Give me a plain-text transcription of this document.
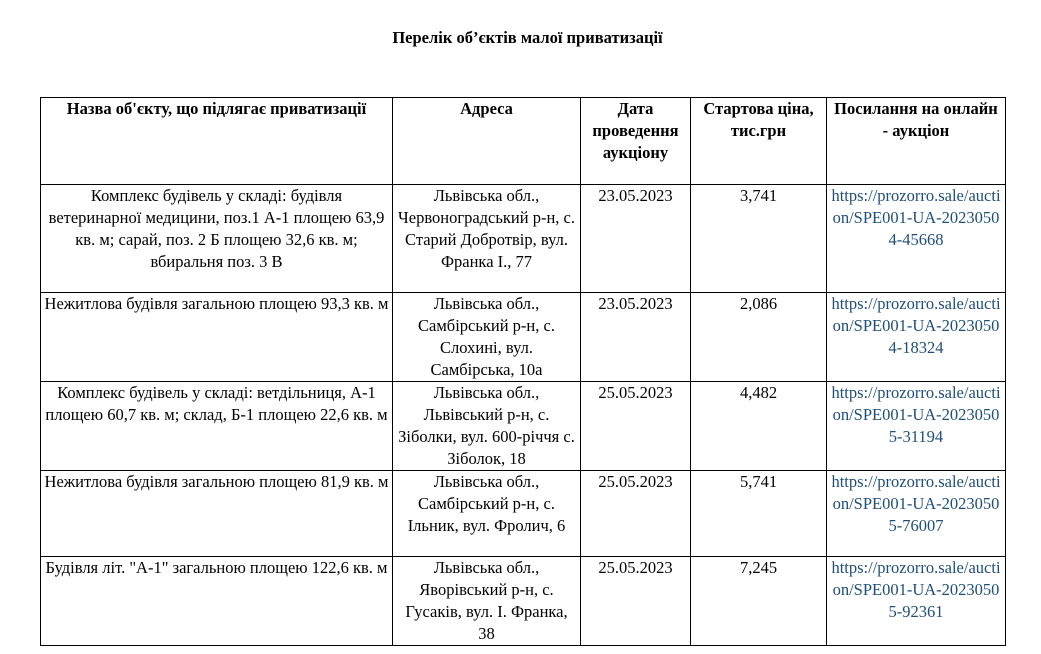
Перелік об’єктів малої приватизації
Назва об'єкту, що підлягає приватизації	Адреса	Дата проведення аукціону	Стартова ціна, тис.грн	Посилання на онлайн - аукціон
Комплекс будівель у складі: будівля ветеринарної медицини, поз.1 А-1 площею 63,9 кв. м; сарай, поз. 2 Б площею 32,6 кв. м; вбиральня поз. 3 В	Львівська обл., Червоноградський р-н, с. Старий Добротвір, вул. Франка І., 77	23.05.2023	3,741	https://prozorro.sale/auction/SPE001-UA-20230504-45668
Нежитлова будівля загальною площею 93,3 кв. м	Львівська обл., Самбірський р-н, с. Слохині, вул. Самбірська, 10а	23.05.2023	2,086	https://prozorro.sale/auction/SPE001-UA-20230504-18324
Комплекс будівель у складі: ветдільниця, А-1 площею 60,7 кв. м; склад, Б-1 площею 22,6 кв. м	Львівська обл., Львівський р-н, с. Зіболки, вул. 600-річчя с. Зіболок, 18	25.05.2023	4,482	https://prozorro.sale/auction/SPE001-UA-20230505-31194
Нежитлова будівля загальною площею 81,9 кв. м	Львівська обл., Самбірський р-н, с. Ільник, вул. Фролич, 6	25.05.2023	5,741	https://prozorro.sale/auction/SPE001-UA-20230505-76007
Будівля літ. "А-1" загальною площею 122,6 кв. м	Львівська обл., Яворівський р-н, с. Гусаків, вул. І. Франка, 38	25.05.2023	7,245	https://prozorro.sale/auction/SPE001-UA-20230505-92361
